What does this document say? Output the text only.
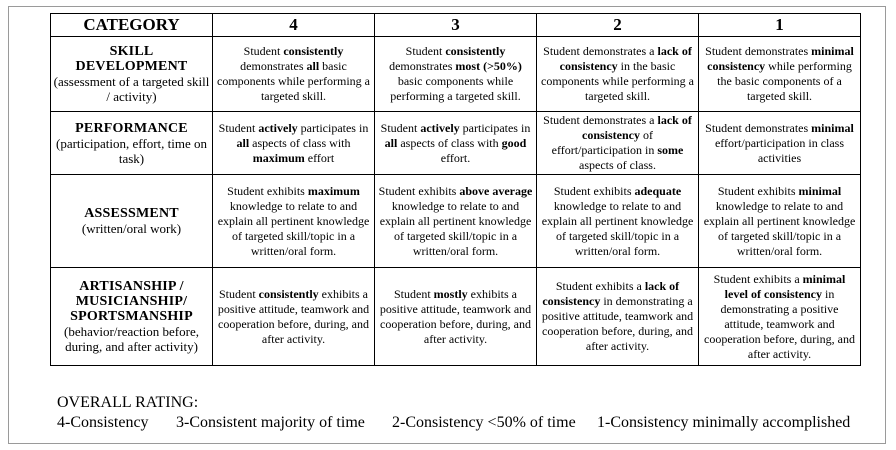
CATEGORY	4	3	2	1

SKILL
DEVELOPMENT
(assessment of a targeted skill / activity)	Student consistently demonstrates all basic components while performing a targeted skill.	Student consistently demonstrates most (>50%) basic components while performing a targeted skill.	Student demonstrates a lack of consistency in the basic components while performing a targeted skill.	Student demonstrates minimal consistency while performing the basic components of a targeted skill.

PERFORMANCE
(participation, effort, time on task)	Student actively participates in all aspects of class with maximum effort	Student actively participates in all aspects of class with good effort.	Student demonstrates a lack of consistency of effort/participation in some aspects of class.	Student demonstrates minimal effort/participation in class activities

ASSESSMENT
(written/oral work)	Student exhibits maximum knowledge to relate to and explain all pertinent knowledge of targeted skill/topic in a written/oral form.	Student exhibits above average knowledge to relate to and explain all pertinent knowledge of targeted skill/topic in a written/oral form.	Student exhibits adequate knowledge to relate to and explain all pertinent knowledge of targeted skill/topic in a written/oral form.	Student exhibits minimal knowledge to relate to and explain all pertinent knowledge of targeted skill/topic in a written/oral form.

ARTISANSHIP /
MUSICIANSHIP/
SPORTSMANSHIP
(behavior/reaction before, during, and after activity)	Student consistently exhibits a positive attitude, teamwork and cooperation before, during, and after activity.	Student mostly exhibits a positive attitude, teamwork and cooperation before, during, and after activity.	Student exhibits a lack of consistency in demonstrating a positive attitude, teamwork and cooperation before, during, and after activity.	Student exhibits a minimal level of consistency in demonstrating a positive attitude, teamwork and cooperation before, during, and after activity.
OVERALL RATING:
4-Consistency 3-Consistent majority of time 2-Consistency <50% of time 1-Consistency minimally accomplished
